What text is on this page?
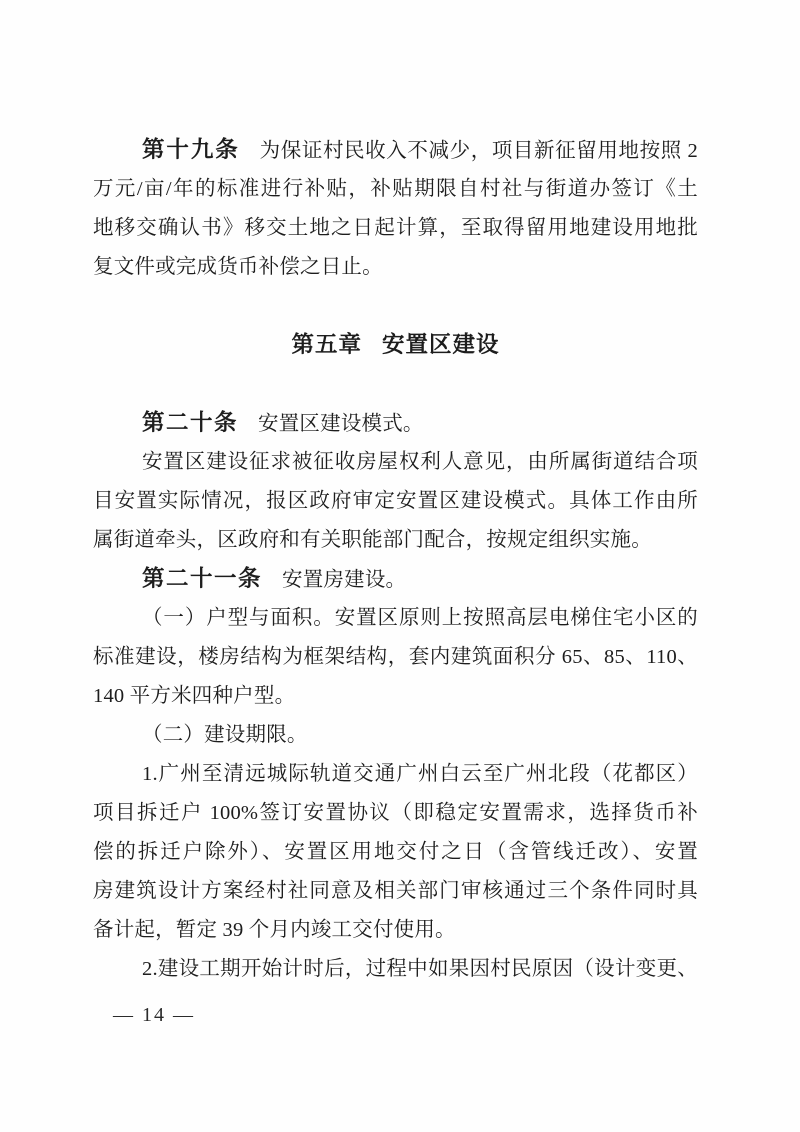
第十九条 为保证村民收入不减少，项目新征留用地按照 2
万元/亩/年的标准进行补贴，补贴期限自村社与街道办签订《土
地移交确认书》移交土地之日起计算，至取得留用地建设用地批
复文件或完成货币补偿之日止。
第五章 安置区建设
第二十条 安置区建设模式。
安置区建设征求被征收房屋权利人意见，由所属街道结合项
目安置实际情况，报区政府审定安置区建设模式。具体工作由所
属街道牵头，区政府和有关职能部门配合，按规定组织实施。
第二十一条 安置房建设。
（一）户型与面积。安置区原则上按照高层电梯住宅小区的
标准建设，楼房结构为框架结构，套内建筑面积分 65、85、110、
140 平方米四种户型。
（二）建设期限。
1.广州至清远城际轨道交通广州白云至广州北段（花都区）
项目拆迁户 100%签订安置协议（即稳定安置需求，选择货币补
偿的拆迁户除外）、安置区用地交付之日（含管线迁改）、安置
房建筑设计方案经村社同意及相关部门审核通过三个条件同时具
备计起，暂定 39 个月内竣工交付使用。
2.建设工期开始计时后，过程中如果因村民原因（设计变更、
— 14 —
